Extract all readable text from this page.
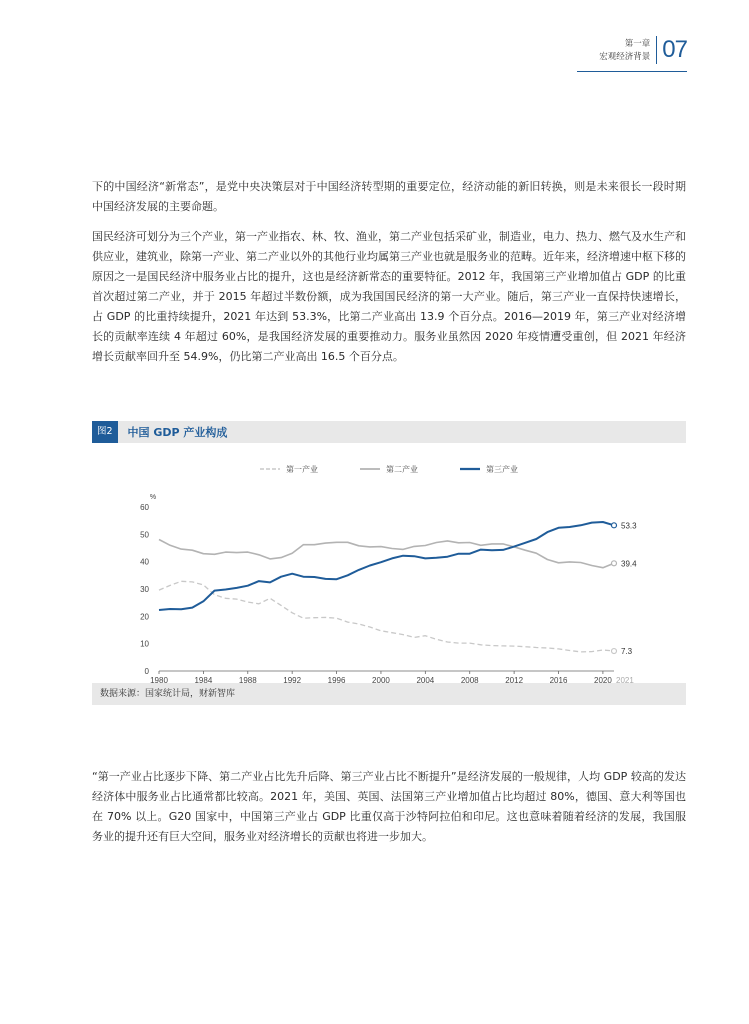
第一章
宏观经济背景 07

下的中国经济“新常态”，是党中央决策层对于中国经济转型期的重要定位，经济动能的新旧转换，则是未来很长一段时期中国经济发展的主要命题。

国民经济可划分为三个产业，第一产业指农、林、牧、渔业，第二产业包括采矿业，制造业，电力、热力、燃气及水生产和供应业，建筑业，除第一产业、第二产业以外的其他行业均属第三产业也就是服务业的范畴。近年来，经济增速中枢下移的原因之一是国民经济中服务业占比的提升，这也是经济新常态的重要特征。2012 年，我国第三产业增加值占 GDP 的比重首次超过第二产业，并于 2015 年超过半数份额，成为我国国民经济的第一大产业。随后，第三产业一直保持快速增长，占 GDP 的比重持续提升，2021 年达到 53.3%，比第二产业高出 13.9 个百分点。2016—2019 年，第三产业对经济增长的贡献率连续 4 年超过 60%，是我国经济发展的重要推动力。服务业虽然因 2020 年疫情遭受重创，但 2021 年经济增长贡献率回升至 54.9%，仍比第二产业高出 16.5 个百分点。

图2	中国 GDP 产业构成
%
0
10
20
30
40
50
60
1980	1984	1988	1992	1996	2000	2004	2008	2012	2016	2020 2021
7.3
39.4
53.3
第一产业	第二产业	第三产业
数据来源：国家统计局，财新智库

“第一产业占比逐步下降、第二产业占比先升后降、第三产业占比不断提升”是经济发展的一般规律，人均 GDP 较高的发达经济体中服务业占比通常都比较高。2021 年，美国、英国、法国第三产业增加值占比均超过 80%，德国、意大利等国也在 70% 以上。G20 国家中，中国第三产业占 GDP 比重仅高于沙特阿拉伯和印尼。这也意味着随着经济的发展，我国服务业的提升还有巨大空间，服务业对经济增长的贡献也将进一步加大。
